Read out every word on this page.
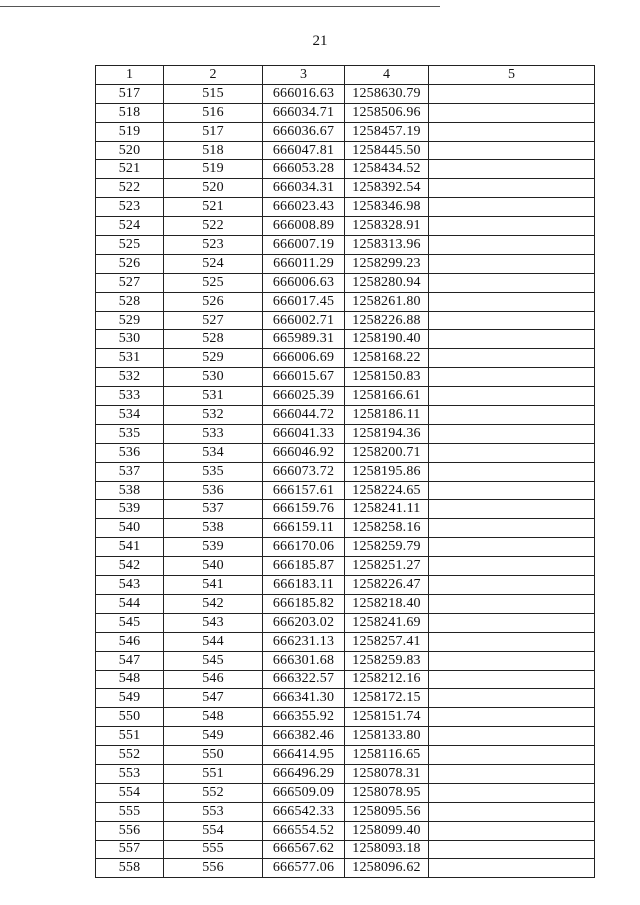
21
1	2	3	4	5
517	515	666016.63	1258630.79	
518	516	666034.71	1258506.96	
519	517	666036.67	1258457.19	
520	518	666047.81	1258445.50	
521	519	666053.28	1258434.52	
522	520	666034.31	1258392.54	
523	521	666023.43	1258346.98	
524	522	666008.89	1258328.91	
525	523	666007.19	1258313.96	
526	524	666011.29	1258299.23	
527	525	666006.63	1258280.94	
528	526	666017.45	1258261.80	
529	527	666002.71	1258226.88	
530	528	665989.31	1258190.40	
531	529	666006.69	1258168.22	
532	530	666015.67	1258150.83	
533	531	666025.39	1258166.61	
534	532	666044.72	1258186.11	
535	533	666041.33	1258194.36	
536	534	666046.92	1258200.71	
537	535	666073.72	1258195.86	
538	536	666157.61	1258224.65	
539	537	666159.76	1258241.11	
540	538	666159.11	1258258.16	
541	539	666170.06	1258259.79	
542	540	666185.87	1258251.27	
543	541	666183.11	1258226.47	
544	542	666185.82	1258218.40	
545	543	666203.02	1258241.69	
546	544	666231.13	1258257.41	
547	545	666301.68	1258259.83	
548	546	666322.57	1258212.16	
549	547	666341.30	1258172.15	
550	548	666355.92	1258151.74	
551	549	666382.46	1258133.80	
552	550	666414.95	1258116.65	
553	551	666496.29	1258078.31	
554	552	666509.09	1258078.95	
555	553	666542.33	1258095.56	
556	554	666554.52	1258099.40	
557	555	666567.62	1258093.18	
558	556	666577.06	1258096.62	
